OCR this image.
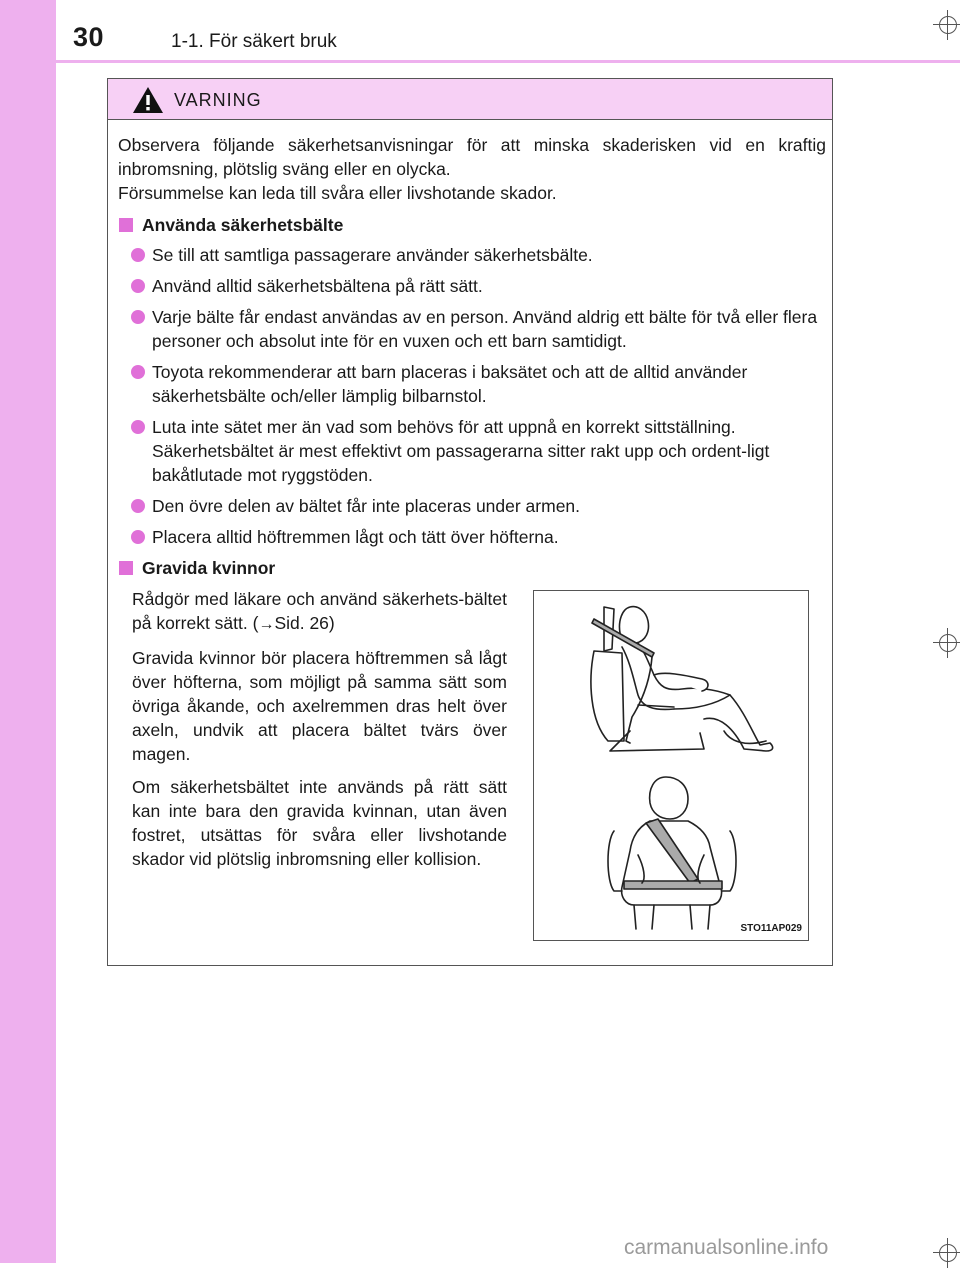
30	1-1. För säkert bruk
VARNING

Observera följande säkerhetsanvisningar för att minska skaderisken vid en kraftig inbromsning, plötslig sväng eller en olycka.
Försummelse kan leda till svåra eller livshotande skador.

Använda säkerhetsbälte
Se till att samtliga passagerare använder säkerhetsbälte.
Använd alltid säkerhetsbältena på rätt sätt.
Varje bälte får endast användas av en person. Använd aldrig ett bälte för två eller flera personer och absolut inte för en vuxen och ett barn samtidigt.
Toyota rekommenderar att barn placeras i baksätet och att de alltid använder säkerhetsbälte och/eller lämplig bilbarnstol.
Luta inte sätet mer än vad som behövs för att uppnå en korrekt sittställning. Säkerhetsbältet är mest effektivt om passagerarna sitter rakt upp och ordent-ligt bakåtlutade mot ryggstöden.
Den övre delen av bältet får inte placeras under armen.
Placera alltid höftremmen lågt och tätt över höfterna.
Gravida kvinnor

Rådgör med läkare och använd säkerhets-bältet på korrekt sätt. (→Sid. 26)

Gravida kvinnor bör placera höftremmen så lågt över höfterna, som möjligt på samma sätt som övriga åkande, och axelremmen dras helt över axeln, undvik att placera bältet tvärs över magen.

Om säkerhetsbältet inte används på rätt sätt kan inte bara den gravida kvinnan, utan även fostret, utsättas för svåra eller livshotande skador vid plötslig inbromsning eller kollision.

STO11AP029
carmanualsonline.info
